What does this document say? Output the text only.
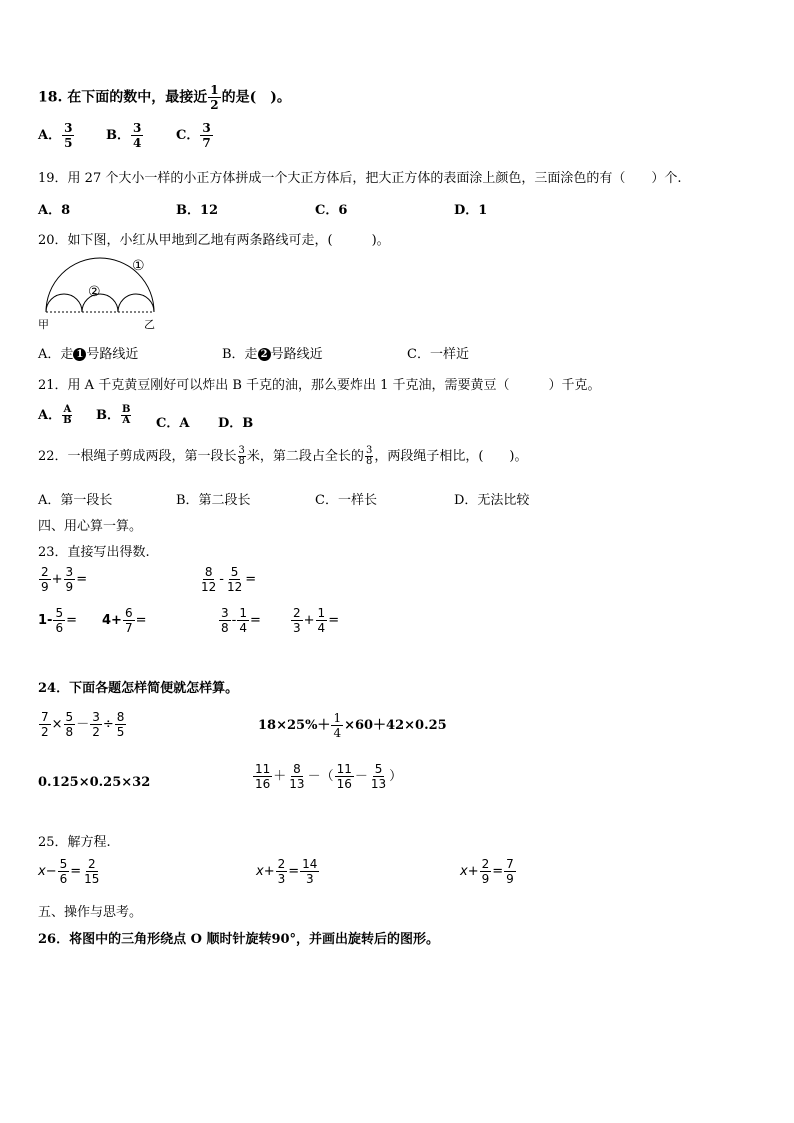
18. 在下面的数中，最接近 $\frac{1}{2}$ 的是(　)。
A． $\frac{3}{5}$ B． $\frac{3}{4}$	C． $\frac{3}{7}$
19．用 27 个大小一样的小正方体拼成一个大正方体后，把大正方体的表面涂上颜色，三面涂色的有（　　）个.
A．8	B．12	C．6	D．1
20．如下图，小红从甲地到乙地有两条路线可走，(　　　)。
①
②
甲	乙
A．走 1 号路线近	B．走 2 号路线近	C．一样近
21．用 A 千克黄豆刚好可以炸出 B 千克的油，那么要炸出 1 千克油，需要黄豆（　　　）千克。
A． $\frac{A}{B}$ B． $\frac{B}{A}$ C．A D．B
22．一根绳子剪成两段，第一段长 $\frac{3}{8}$ 米，第二段占全长的 $\frac{3}{8}$ ，两段绳子相比，(　　)。
A．第一段长	B．第二段长	C．一样长	D．无法比较
四、用心算一算。
23．直接写出得数.
$\frac{2}{9} + \frac{3}{9}$ =	$\frac{8}{12} - \frac{5}{12}$ =
$1- \frac{5}{6} = 4+ \frac{6}{7}$ =	$\frac{3}{8} - \frac{1}{4}$ =	$\frac{2}{3} + \frac{1}{4}$ =
24．下面各题怎样简便就怎样算。
$\frac{7}{2} \times \frac{5}{8} - \frac{3}{2} \div \frac{8}{5}$	$18\times 25\%+ \frac{1}{4} \times 60+42\times 0.25$
0.125×0.25×32	$\frac{11}{16} + \frac{8}{13}$ －（ $\frac{11}{16} - \frac{5}{13}$ ）
25．解方程.
$x- \frac{5}{6} = \frac{2}{15}$	$x+ \frac{2}{3} = \frac{14}{3}$	$x+ \frac{2}{9} = \frac{7}{9}$
五、操作与思考。
26．将图中的三角形绕点 O 顺时针旋转90°，并画出旋转后的图形。
